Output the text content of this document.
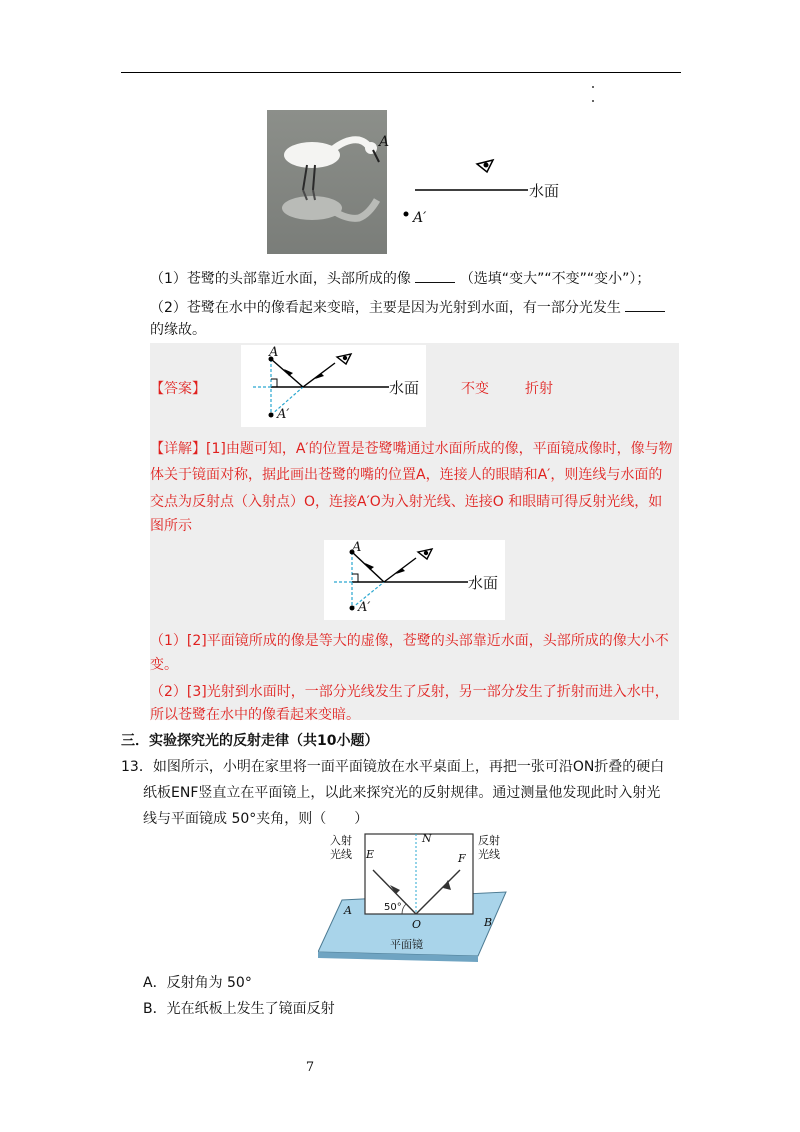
A
水面
A′
（1）苍鹭的头部靠近水面，头部所成的像	（选填“变大”“不变”“变小”）；
（2）苍鹭在水中的像看起来变暗，主要是因为光射到水面，有一部分光发生
的缘故。
【答案】
A
A′
水面	不变	折射
【详解】[1]由题可知，A′的位置是苍鹭嘴通过水面所成的像，平面镜成像时，像与物
体关于镜面对称，据此画出苍鹭的嘴的位置A，连接人的眼睛和A′，则连线与水面的
交点为反射点（入射点）O，连接A′O为入射光线、连接O 和眼睛可得反射光线，如
图所示
A
A′
水面
（1）[2]平面镜所成的像是等大的虚像，苍鹭的头部靠近水面，头部所成的像大小不
变。
（2）[3]光射到水面时，一部分光线发生了反射，另一部分发生了折射而进入水中，
所以苍鹭在水中的像看起来变暗。
三．实验探究光的反射走律（共10小题）
13．如图所示，小明在家里将一面平面镜放在水平桌面上，再把一张可沿ON折叠的硬白
纸板ENF竖直立在平面镜上，以此来探究光的反射规律。通过测量他发现此时入射光
线与平面镜成 50°夹角，则（　　）
入射
光线
反射
光线
N
E	F
A
B
O
50°
平面镜
A．反射角为 50°
B．光在纸板上发生了镜面反射
7
